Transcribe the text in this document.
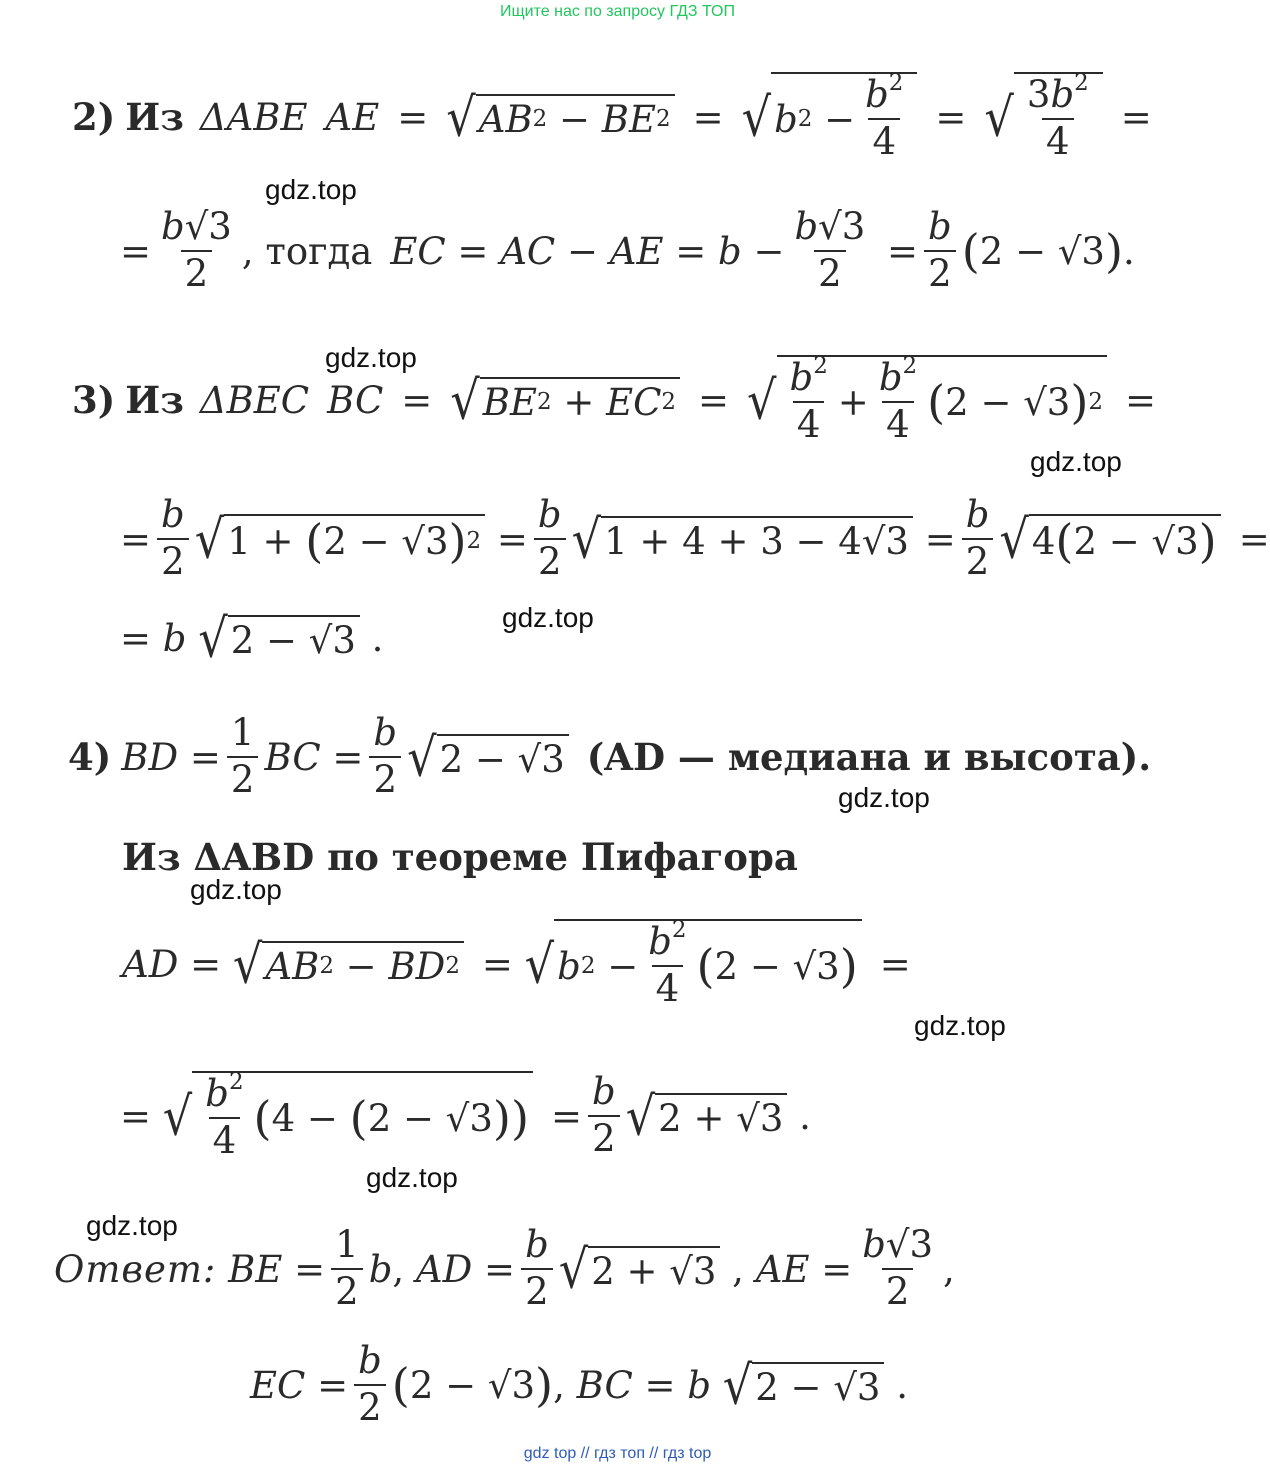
Ищите нас по запросу ГДЗ ТОП
gdz.top
gdz.top
gdz.top
gdz.top
gdz.top
gdz.top
gdz.top
gdz.top
gdz.top
2) Из ΔABE AE = √ AB 2 − BE 2 = √ b $2 - \frac{b^2}{4}$ = √ $\frac{3b^2}{4}$ =
= $\frac{b√3}{2}$ , тогда EC = AC − AE = $b - \frac{b√3}{2} = \frac{b}{2}$ ( 2 − √3 ) .
3) Из ΔBEC BC = √ BE 2 + EC 2 = √ $\frac{b^2}{4} + \frac{b^2}{4}$ ( 2 − √3 ) 2 =
= $\frac{b}{2}$ √ 1 + ( 2 − √3 ) $2 = \frac{b}{2}$ √ $1 + 4 + 3 - 4√3 = \frac{b}{2}$ √ 4 ( 2 − √3 ) =
= b
√ 2 − √3 .
4) BD = $\frac{1}{2}$ BC = $\frac{b}{2}$ √ 2 − √3 (AD — медиана и высота).
Из ΔABD по теореме Пифагора
AD = √ AB 2 − BD 2 = √ b $2 - \frac{b^2}{4}$ ( 2 − √3 ) =
= √ $\frac{b^2}{4}$ ( 4 − ( 2 − √3 ) ) = $\frac{b}{2}$ √ 2 + √3 .
Ответ:
BE = $\frac{1}{2}$ b , AD = $\frac{b}{2}$ √ 2 + √3 , AE = $\frac{b√3}{2}$ ,
EC = $\frac{b}{2}$ ( 2 − √3 ) , BC = b
√ 2 − √3 .
gdz top // гдз топ // гдз top
